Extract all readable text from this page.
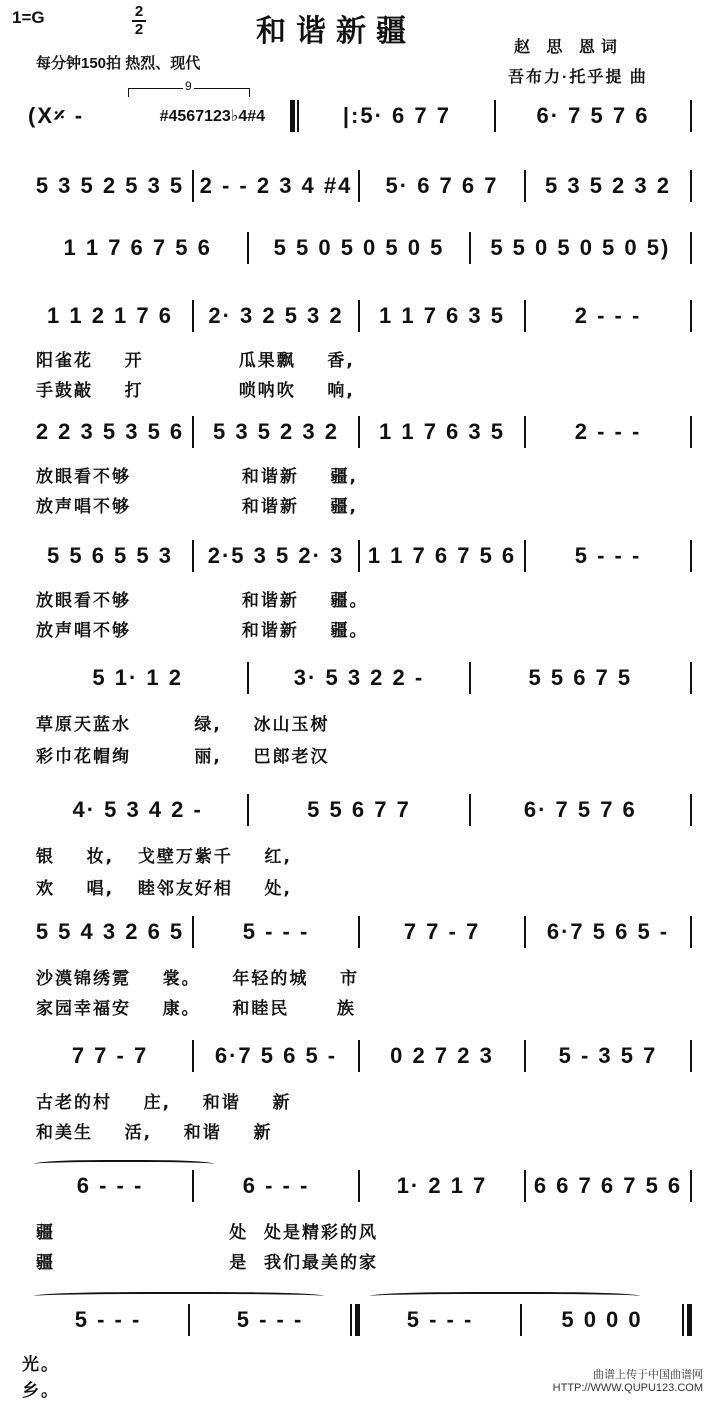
1=G	2
2	和谐新疆
每分钟150拍 热烈、现代
赵 思 恩词
吾布力·托乎提 曲
9
(X𝄎 -	#4567123♭4#4	|:5· 6 7 7	6· 7 5 7 6
5 3 5 2 5 3 5 2 - - 2 3 4 #4	5· 6 7 6 7	5 3 5 2 3 2
1 1 7 6 7 5 6	5 5 0 5 0 5 0 5	5 5 0 5 0 5 0 5)
1 1 2 1 7 6	2· 3 2 5 3 2	1 1 7 6 3 5	2 - - -
阳雀花    开            瓜果飘    香,
手鼓敲    打            唢呐吹    响,
2 2 3 5 3 5 6	5 3 5 2 3 2	1 1 7 6 3 5	2 - - -
放眼看不够              和谐新    疆,
放声唱不够              和谐新    疆,
5 5 6 5 5 3	2·5 3 5 2· 3	1 1 7 6 7 5 6	5 - - -
放眼看不够              和谐新    疆。
放声唱不够              和谐新    疆。
5 1· 1 2	3· 5 3 2 2 -	5 5 6 7 5
草原天蓝水        绿,    冰山玉树
彩巾花帽绚        丽,    巴郎老汉
4· 5 3 4 2 -	5 5 6 7 7	6· 7 5 7 6
银    妆,   戈壁万紫千    红,
欢    唱,   睦邻友好相    处,
5 5 4 3 2 6 5	5 - - -	7 7 - 7	6·7 5 6 5 -
沙漠锦绣霓    裳。    年轻的城    市
家园幸福安    康。    和睦民      族
7 7 - 7	6·7 5 6 5 -	0 2 7 2 3	5 - 3 5 7
古老的村    庄,    和谐    新
和美生    活,    和谐    新
6 - - -	6 - - -	1· 2 1 7	6 6 7 6 7 5 6
疆                      处  处是精彩的风
疆                      是  我们最美的家
5 - - -	5 - - -	5 - - -	5 0 0 0
光。
乡。
曲谱上传于中国曲谱网
HTTP://WWW.QUPU123.COM
